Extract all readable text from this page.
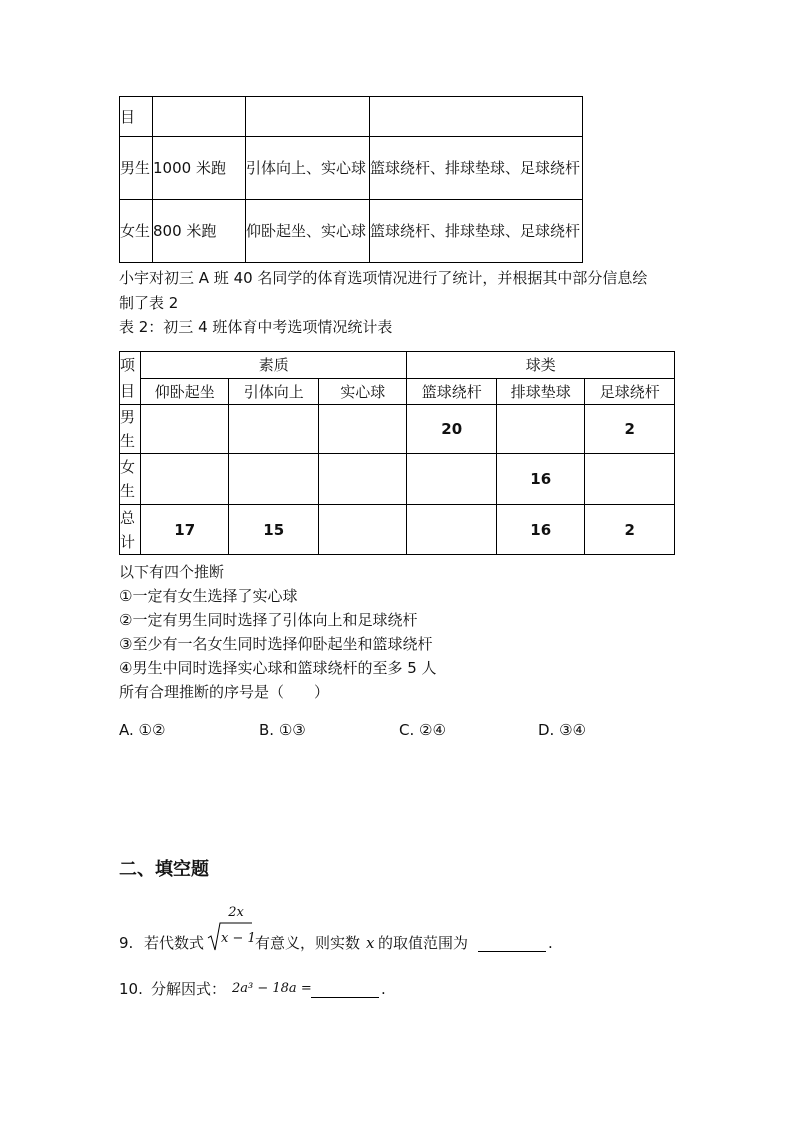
目			
男生	1000 米跑	引体向上、实心球	篮球绕杆、排球垫球、足球绕杆
女生	800 米跑	仰卧起坐、实心球	篮球绕杆、排球垫球、足球绕杆
小宇对初三 A 班 40 名同学的体育选项情况进行了统计，并根据其中部分信息绘
制了表 2
表 2：初三 4 班体育中考选项情况统计表
项目	素质			球类		
	仰卧起坐	引体向上	实心球	篮球绕杆	排球垫球	足球绕杆
男生				20		2
女生					16	
总计	17	15			16	2
以下有四个推断
①一定有女生选择了实心球
②一定有男生同时选择了引体向上和足球绕杆
③至少有一名女生同时选择仰卧起坐和篮球绕杆
④男生中同时选择实心球和篮球绕杆的至多 5 人
所有合理推断的序号是（　　）
A. ①②	B. ①③	C. ②④	D. ③④
二、填空题
9. 若代数式
2x
x − 1 有意义，则实数 x 的取值范围为	.
10. 分解因式： 2a³ − 18a =	.
